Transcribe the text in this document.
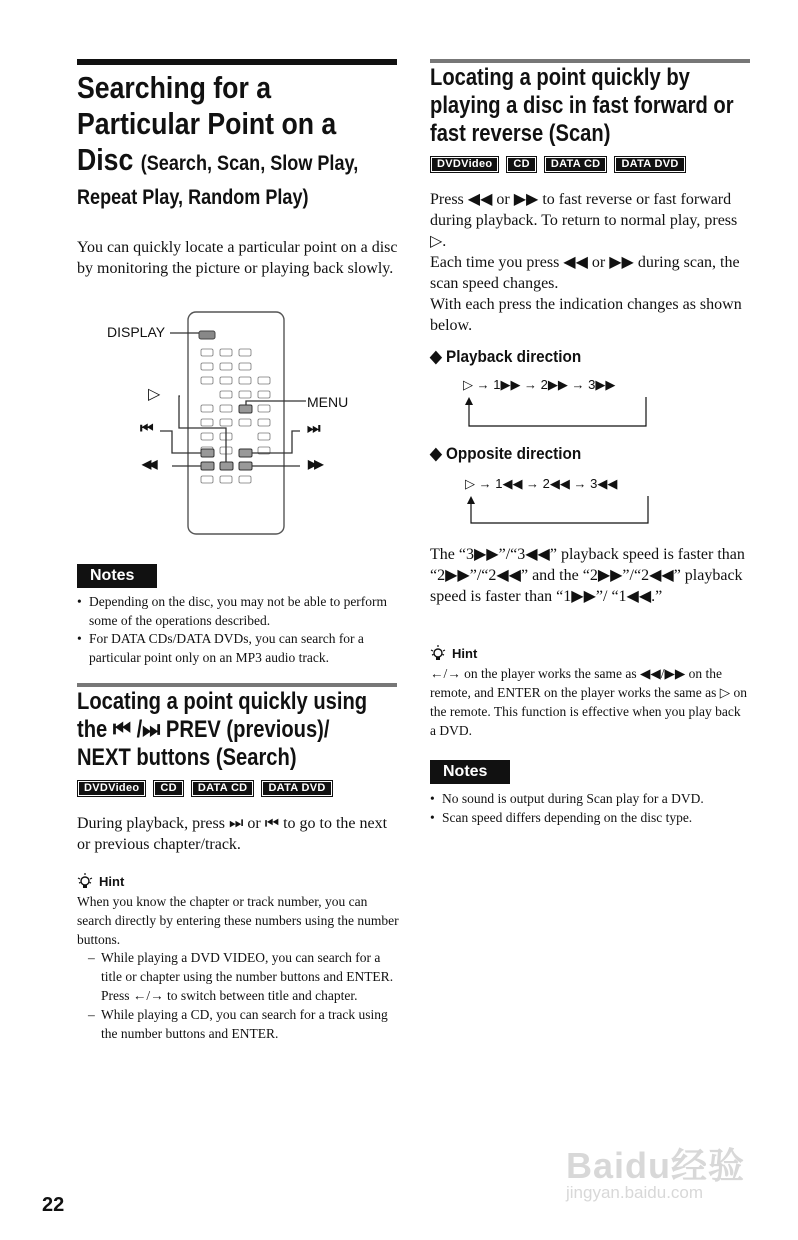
Searching for a
Particular Point on a
Disc (Search, Scan, Slow Play,
Repeat Play, Random Play)
You can quickly locate a particular point on a disc by monitoring the picture or playing back slowly.
DISPLAY
MENU
▷
⏮	⏭
◀◀	▶▶
Notes
• Depending on the disc, you may not be able to perform some of the operations described.
• For DATA CDs/DATA DVDs, you can search for a particular point only on an MP3 audio track.
Locating a point quickly using
the ⏮ /⏭ PREV (previous)/
NEXT buttons (Search)
DVDVideo	CD	DATA CD	DATA DVD
During playback, press ⏭ or ⏮ to go to the next or previous chapter/track.
Hint
When you know the chapter or track number, you can search directly by entering these numbers using the number buttons.
– While playing a DVD VIDEO, you can search for a title or chapter using the number buttons and ENTER. Press ←/→ to switch between title and chapter.
– While playing a CD, you can search for a track using the number buttons and ENTER.
22
Locating a point quickly by
playing a disc in fast forward or
fast reverse (Scan)
DVDVideo	CD	DATA CD	DATA DVD
Press ◀◀ or ▶▶ to fast reverse or fast forward during playback. To return to normal play, press ▷.
Each time you press ◀◀ or ▶▶ during scan, the scan speed changes.
With each press the indication changes as shown below.
◆ Playback direction
▷ → 1▶▶ → 2▶▶ → 3▶▶
◆ Opposite direction
▷ → 1◀◀ → 2◀◀ → 3◀◀
The “3▶▶”/“3◀◀” playback speed is faster than “2▶▶”/“2◀◀” and the “2▶▶”/“2◀◀” playback speed is faster than “1▶▶”/ “1◀◀.”
Hint
←/→ on the player works the same as ◀◀/▶▶ on the remote, and ENTER on the player works the same as ▷ on the remote. This function is effective when you play back a DVD.
Notes
• No sound is output during Scan play for a DVD.
• Scan speed differs depending on the disc type.
Baidu经验
jingyan.baidu.com
